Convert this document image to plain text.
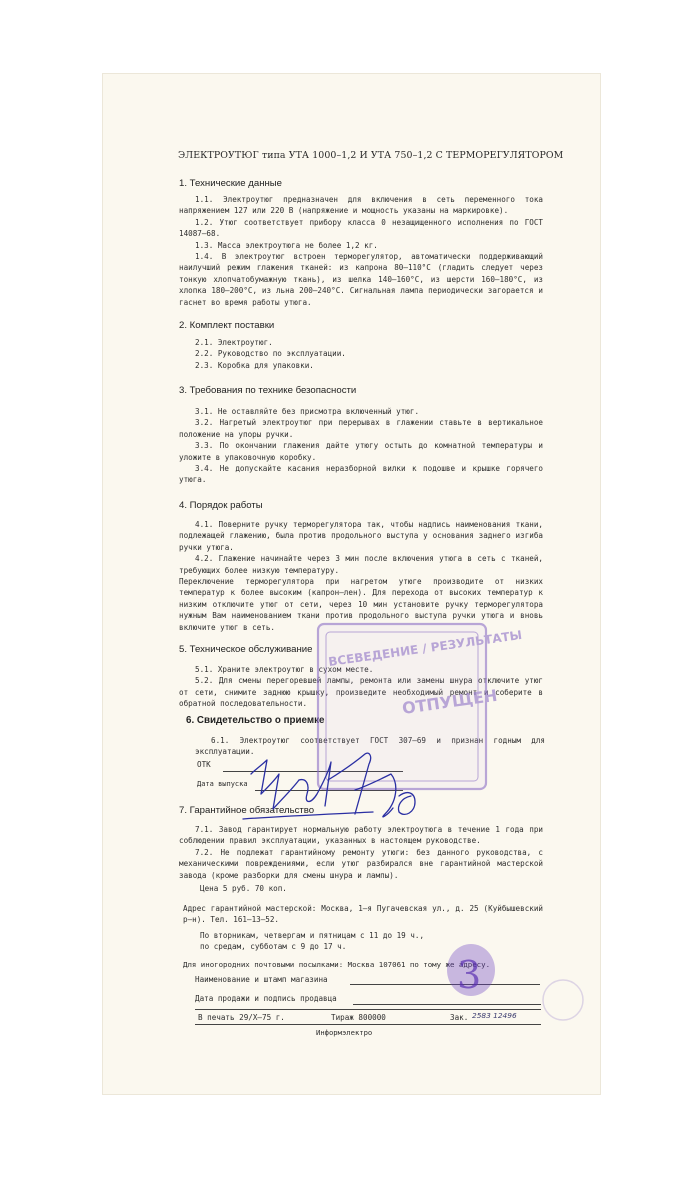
ЭЛЕКТРОУТЮГ типа УТА 1000–1,2 И УТА 750–1,2 С ТЕРМОРЕГУЛЯТОРОМ
1. Технические данные

1.1. Электроутюг предназначен для включения в сеть переменного тока напряжением 127 или 220 В (напряжение и мощность указаны на маркировке).

1.2. Утюг соответствует прибору класса 0 незащищенного исполнения по ГОСТ 14087–68.

1.3. Масса электроутюга не более 1,2 кг.

1.4. В электроутюг встроен терморегулятор, автоматически поддерживающий наилучший режим глажения тканей: из капрона 80–110°С (гладить следует через тонкую хлопчатобумажную ткань), из шелка 140–160°С, из шерсти 160–180°С, из хлопка 180–200°С, из льна 200–240°С. Сигнальная лампа периодически загорается и гаснет во время работы утюга.

2. Комплект поставки
2.1. Электроутюг.
2.2. Руководство по эксплуатации.
2.3. Коробка для упаковки.
3. Требования по технике безопасности

3.1. Не оставляйте без присмотра включенный утюг.

3.2. Нагретый электроутюг при перерывах в глажении ставьте в вертикальное положение на упоры ручки.

3.3. По окончании глажения дайте утюгу остыть до комнатной температуры и уложите в упаковочную коробку.

3.4. Не допускайте касания неразборной вилки к подошве и крышке горячего утюга.

4. Порядок работы

4.1. Поверните ручку терморегулятора так, чтобы надпись наименования ткани, подлежащей глажению, была против продольного выступа у основания заднего изгиба ручки утюга.

4.2. Глажение начинайте через 3 мин после включения утюга в сеть с тканей, требующих более низкую температуру.

Переключение терморегулятора при нагретом утюге производите от низких температур к более высоким (капрон–лен). Для перехода от высоких температур к низким отключите утюг от сети, через 10 мин установите ручку терморегулятора нужным Вам наименованием ткани против продольного выступа ручки утюга и вновь включите утюг в сеть.

5. Техническое обслуживание

5.1. Храните электроутюг в сухом месте.

5.2. Для смены перегоревшей лампы, ремонта или замены шнура отключите утюг от сети, снимите заднюю крышку, произведите необходимый ремонт и соберите в обратной последовательности.

6. Свидетельство о приемке

6.1. Электроутюг соответствует ГОСТ 307–69 и признан годным для эксплуатации.

ОТК
Дата выпуска
7. Гарантийное обязательство

7.1. Завод гарантирует нормальную работу электроутюга в течение 1 года при соблюдении правил эксплуатации, указанных в настоящем руководстве.

7.2. Не подлежат гарантийному ремонту утюги: без данного руководства, с механическими повреждениями, если утюг разбирался вне гарантийной мастерской завода (кроме разборки для смены шнура и лампы).

Цена 5 руб. 70 коп.

Адрес гарантийной мастерской: Москва, 1–я Пугачевская ул., д. 25 (Куйбышевский р–н). Тел. 161–13–52.

По вторникам, четвергам и пятницам с 11 до 19 ч.,
по средам, субботам с 9 до 17 ч.
Для иногородних почтовыми посылками: Москва 107061 по тому же адресу.
Наименование и штамп магазина
Дата продажи и подпись продавца
В печать 29/X–75 г.	Тираж 800000	Зак. 2583 12496
Информэлектро
ВСЕВЕДЕНИЕ / РЕЗУЛЬТАТЫ
ОТПУЩЕН
3
